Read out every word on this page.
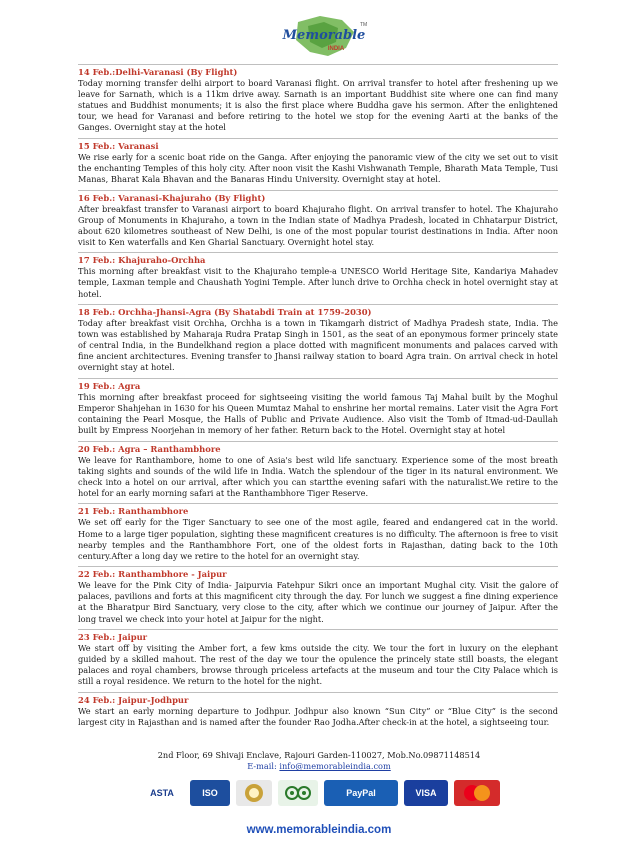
Memorable
INDIA
TM
14 Feb.:Delhi-Varanasi (By Flight)

Today morning transfer delhi airport to board Varanasi flight. On arrival transfer to hotel after freshening up we leave for Sarnath, which is a 11km drive away. Sarnath is an important Buddhist site where one can find many statues and Buddhist monuments; it is also the first place where Buddha gave his sermon. After the enlightened tour, we head for Varanasi and before retiring to the hotel we stop for the evening Aarti at the banks of the Ganges. Overnight stay at the hotel

15 Feb.: Varanasi

We rise early for a scenic boat ride on the Ganga. After enjoying the panoramic view of the city we set out to visit the enchanting Temples of this holy city. After noon visit the Kashi Vishwanath Temple, Bharath Mata Temple, Tusi Manas, Bharat Kala Bhavan and the Banaras Hindu University. Overnight stay at hotel.

16 Feb.: Varanasi-Khajuraho (By Flight)

After breakfast transfer to Varanasi airport to board Khajuraho flight. On arrival transfer to hotel. The Khajuraho Group of Monuments in Khajuraho, a town in the Indian state of Madhya Pradesh, located in Chhatarpur District, about 620 kilometres southeast of New Delhi, is one of the most popular tourist destinations in India. After noon visit to Ken waterfalls and Ken Gharial Sanctuary. Overnight hotel stay.

17 Feb.: Khajuraho-Orchha

This morning after breakfast visit to the Khajuraho temple-a UNESCO World Heritage Site, Kandariya Mahadev temple, Laxman temple and Chaushath Yogini Temple. After lunch drive to Orchha check in hotel overnight stay at hotel.

18 Feb.: Orchha-Jhansi-Agra (By Shatabdi Train at 1759-2030)

Today after breakfast visit Orchha, Orchha is a town in Tikamgarh district of Madhya Pradesh state, India. The town was established by Maharaja Rudra Pratap Singh in 1501, as the seat of an eponymous former princely state of central India, in the Bundelkhand region a place dotted with magnificent monuments and palaces carved with fine ancient architectures. Evening transfer to Jhansi railway station to board Agra train. On arrival check in hotel overnight stay at hotel.

19 Feb.: Agra

This morning after breakfast proceed for sightseeing visiting the world famous Taj Mahal built by the Moghul Emperor Shahjehan in 1630 for his Queen Mumtaz Mahal to enshrine her mortal remains. Later visit the Agra Fort containing the Pearl Mosque, the Halls of Public and Private Audience. Also visit the Tomb of Itmad-ud-Daullah built by Empress Noorjehan in memory of her father. Return back to the Hotel. Overnight stay at hotel

20 Feb.: Agra – Ranthambhore

We leave for Ranthambore, home to one of Asia's best wild life sanctuary. Experience some of the most breath taking sights and sounds of the wild life in India. Watch the splendour of the tiger in its natural environment. We check into a hotel on our arrival, after which you can startthe evening safari with the naturalist.We retire to the hotel for an early morning safari at the Ranthambhore Tiger Reserve.

21 Feb.: Ranthambhore

We set off early for the Tiger Sanctuary to see one of the most agile, feared and endangered cat in the world. Home to a large tiger population, sighting these magnificent creatures is no difficulty. The afternoon is free to visit nearby temples and the Ranthambhore Fort, one of the oldest forts in Rajasthan, dating back to the 10th century.After a long day we retire to the hotel for an overnight stay.

22 Feb.: Ranthambhore - Jaipur

We leave for the Pink City of India- Jaipurvia Fatehpur Sikri once an important Mughal city. Visit the galore of palaces, pavilions and forts at this magnificent city through the day. For lunch we suggest a fine dining experience at the Bharatpur Bird Sanctuary, very close to the city, after which we continue our journey of Jaipur. After the long travel we check into your hotel at Jaipur for the night.

23 Feb.: Jaipur

We start off by visiting the Amber fort, a few kms outside the city. We tour the fort in luxury on the elephant guided by a skilled mahout. The rest of the day we tour the opulence the princely state still boasts, the elegant palaces and royal chambers, browse through priceless artefacts at the museum and tour the City Palace which is still a royal residence. We return to the hotel for the night.

24 Feb.: Jaipur-Jodhpur

We start an early morning departure to Jodhpur. Jodhpur also known “Sun City” or “Blue City” is the second largest city in Rajasthan and is named after the founder Rao Jodha.After check-in at the hotel, a sightseeing tour.

2nd Floor, 69 Shivaji Enclave, Rajouri Garden-110027, Mob.No.09871148514
E-mail: info@memorableindia.com
ASTA	ISO	PayPal	VISA
www.memorableindia.com
